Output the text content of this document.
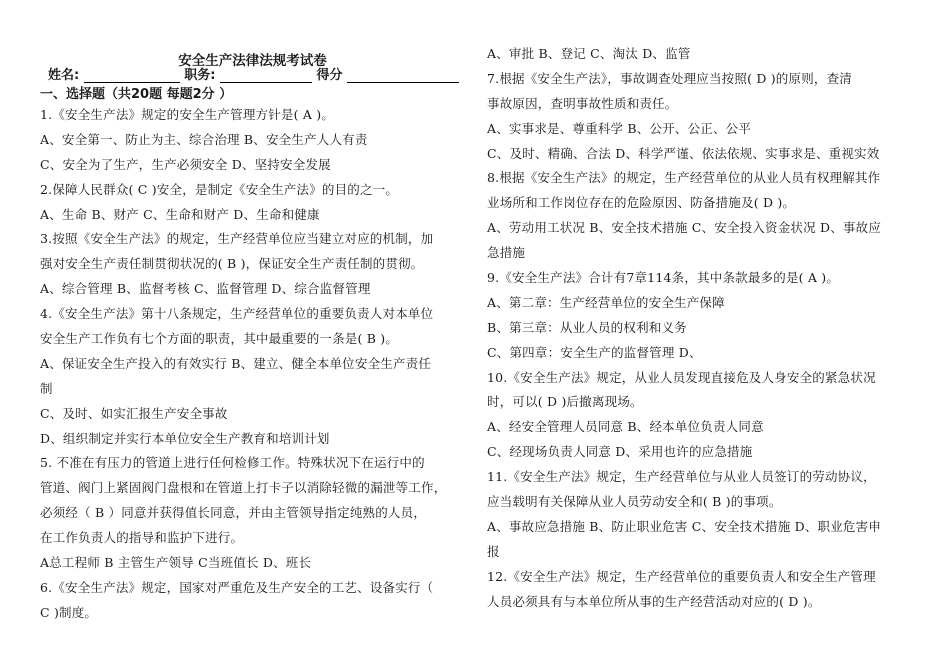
安全生产法律法规考试卷
姓名:	职务:	得分
一、选择题（共20题 每题2分 ）
1.《安全生产法》规定的安全生产管理方针是( A )。
A、安全第一、防止为主、综合治理 B、安全生产人人有责
C、安全为了生产，生产必须安全 D、坚持安全发展
2.保障人民群众( C )安全，是制定《安全生产法》的目的之一。
A、生命 B、财产 C、生命和财产 D、生命和健康
3.按照《安全生产法》的规定，生产经营单位应当建立对应的机制，加
强对安全生产责任制贯彻状况的( B )，保证安全生产责任制的贯彻。
A、综合管理 B、监督考核 C、监督管理 D、综合监督管理
4.《安全生产法》第十八条规定，生产经营单位的重要负责人对本单位
安全生产工作负有七个方面的职责，其中最重要的一条是( B )。
A、保证安全生产投入的有效实行 B、建立、健全本单位安全生产责任
制
C、及时、如实汇报生产安全事故
D、组织制定并实行本单位安全生产教育和培训计划
5. 不准在有压力的管道上进行任何检修工作。特殊状况下在运行中的
管道、阀门上紧固阀门盘根和在管道上打卡子以消除轻微的漏泄等工作，
必须经（ B ）同意并获得值长同意，并由主管领导指定纯熟的人员，
在工作负责人的指导和监护下进行。
A总工程师 B 主管生产领导 C当班值长 D、班长
6.《安全生产法》规定，国家对严重危及生产安全的工艺、设备实行（
C )制度。
A、审批 B、登记 C、淘汰 D、监管
7.根据《安全生产法》，事故调查处理应当按照( D )的原则，查清
事故原因，查明事故性质和责任。
A、实事求是、尊重科学 B、公开、公正、公平
C、及时、精确、合法 D、科学严谨、依法依规、实事求是、重视实效
8.根据《安全生产法》的规定，生产经营单位的从业人员有权理解其作
业场所和工作岗位存在的危险原因、防备措施及( D )。
A、劳动用工状况 B、安全技术措施 C、安全投入资金状况 D、事故应
急措施
9.《安全生产法》合计有7章114条，其中条款最多的是( A )。
A、第二章：生产经营单位的安全生产保障
B、第三章：从业人员的权利和义务
C、第四章：安全生产的监督管理 D、
10.《安全生产法》规定，从业人员发现直接危及人身安全的紧急状况
时，可以( D )后撤离现场。
A、经安全管理人员同意 B、经本单位负责人同意
C、经现场负责人同意 D、采用也许的应急措施
11.《安全生产法》规定，生产经营单位与从业人员签订的劳动协议，
应当载明有关保障从业人员劳动安全和( B )的事项。
A、事故应急措施 B、防止职业危害 C、安全技术措施 D、职业危害申
报
12.《安全生产法》规定，生产经营单位的重要负责人和安全生产管理
人员必须具有与本单位所从事的生产经营活动对应的( D )。
